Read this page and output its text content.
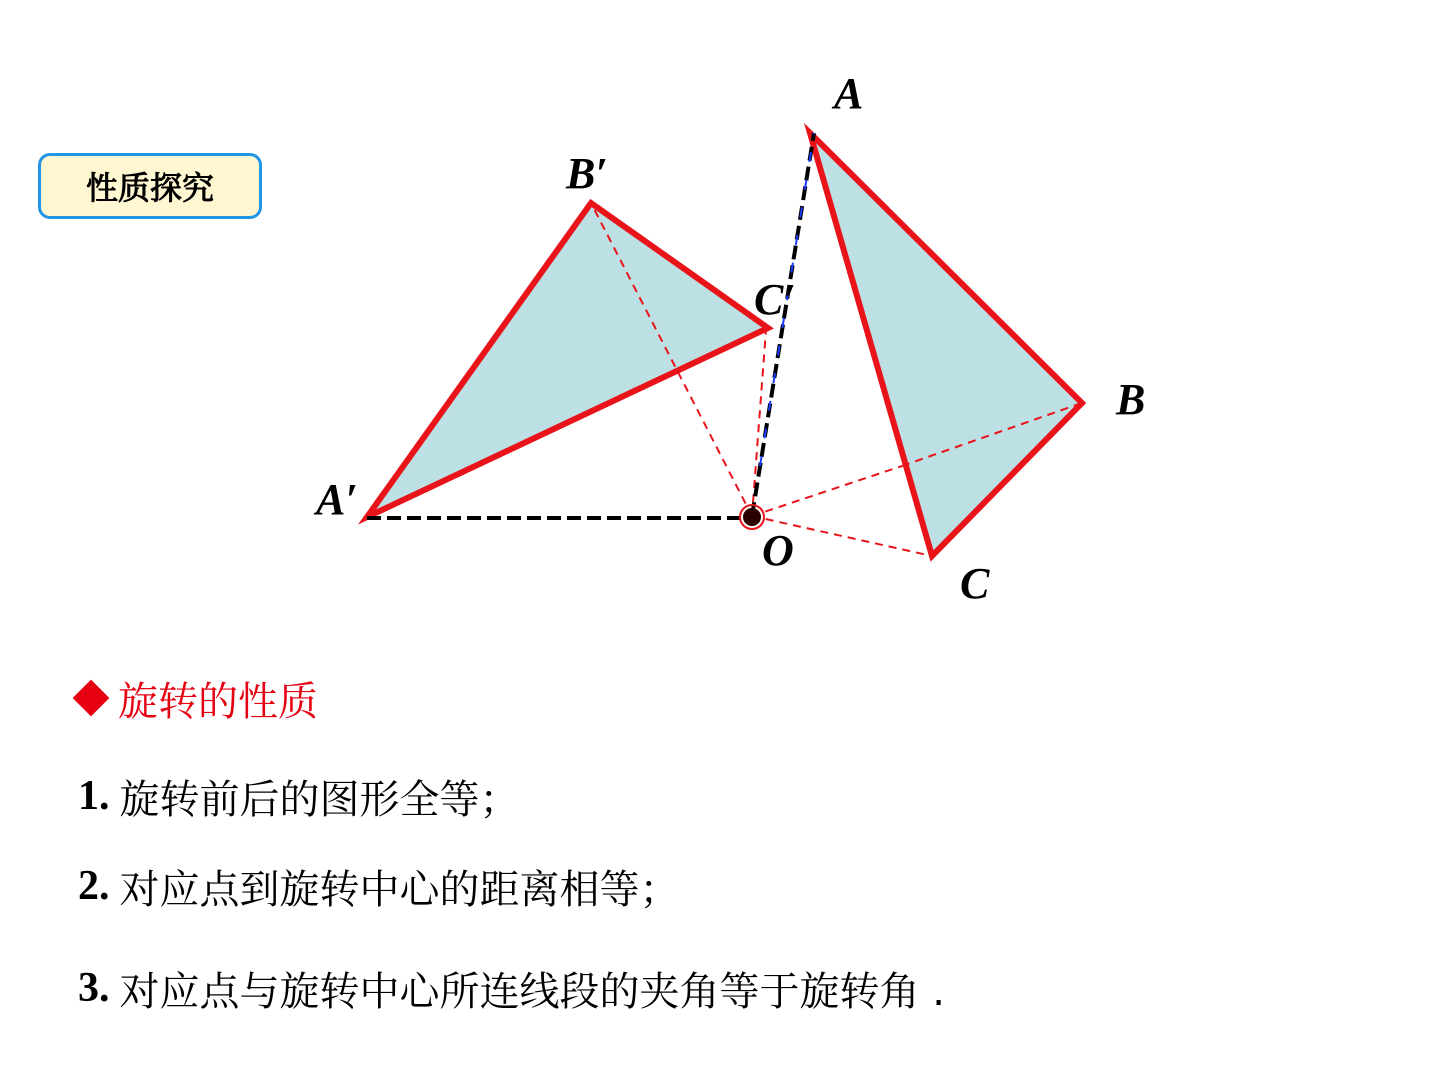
性质探究
A
B
C
A′
B′
C′
O
旋转的性质
1. 旋转前后的图形全等；
2. 对应点到旋转中心的距离相等；
3. 对应点与旋转中心所连线段的夹角等于旋转角 .
